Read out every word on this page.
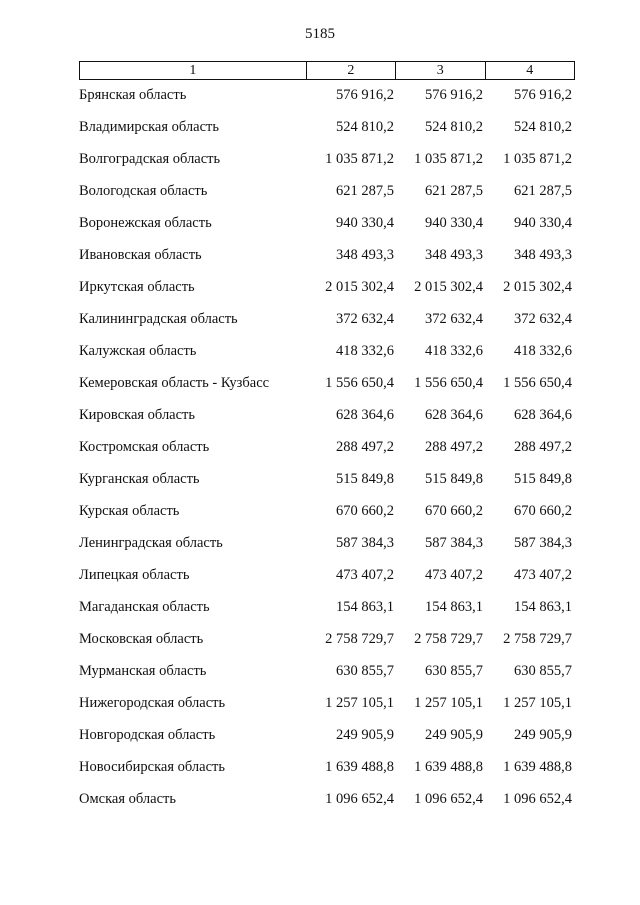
5185
1	2	3	4
Брянская область	576 916,2	576 916,2	576 916,2
Владимирская область	524 810,2	524 810,2	524 810,2
Волгоградская область	1 035 871,2	1 035 871,2	1 035 871,2
Вологодская область	621 287,5	621 287,5	621 287,5
Воронежская область	940 330,4	940 330,4	940 330,4
Ивановская область	348 493,3	348 493,3	348 493,3
Иркутская область	2 015 302,4	2 015 302,4	2 015 302,4
Калининградская область	372 632,4	372 632,4	372 632,4
Калужская область	418 332,6	418 332,6	418 332,6
Кемеровская область - Кузбасс	1 556 650,4	1 556 650,4	1 556 650,4
Кировская область	628 364,6	628 364,6	628 364,6
Костромская область	288 497,2	288 497,2	288 497,2
Курганская область	515 849,8	515 849,8	515 849,8
Курская область	670 660,2	670 660,2	670 660,2
Ленинградская область	587 384,3	587 384,3	587 384,3
Липецкая область	473 407,2	473 407,2	473 407,2
Магаданская область	154 863,1	154 863,1	154 863,1
Московская область	2 758 729,7	2 758 729,7	2 758 729,7
Мурманская область	630 855,7	630 855,7	630 855,7
Нижегородская область	1 257 105,1	1 257 105,1	1 257 105,1
Новгородская область	249 905,9	249 905,9	249 905,9
Новосибирская область	1 639 488,8	1 639 488,8	1 639 488,8
Омская область	1 096 652,4	1 096 652,4	1 096 652,4
